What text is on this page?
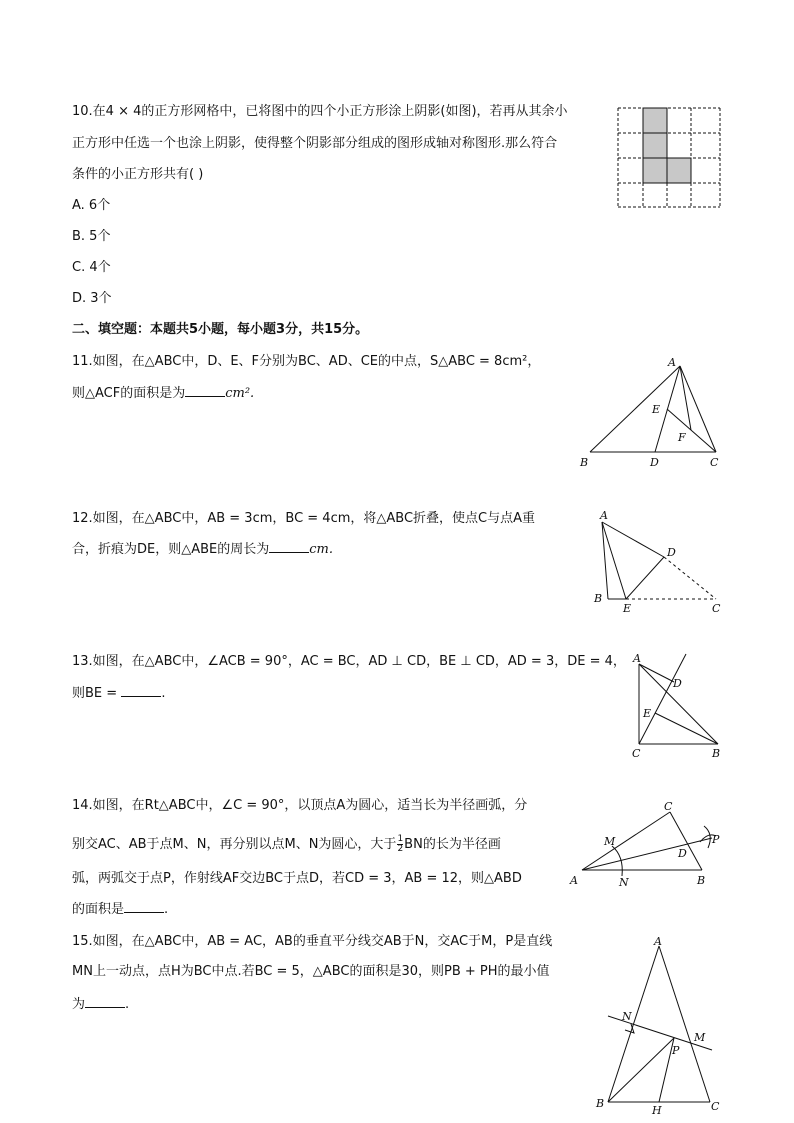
10.在4 × 4的正方形网格中，已将图中的四个小正方形涂上阴影(如图)，若再从其余小
正方形中任选一个也涂上阴影，使得整个阴影部分组成的图形成轴对称图形.那么符合
条件的小正方形共有( )
A. 6个
B. 5个
C. 4个
D. 3个
二、填空题：本题共5小题，每小题3分，共15分。
11.如图，在△ABC中，D、E、F分别为BC、AD、CE的中点，S△ABC = 8cm²，
则△ACF的面积是为	cm².
A
B	D	C
E
F
12.如图，在△ABC中，AB = 3cm，BC = 4cm，将△ABC折叠，使点C与点A重
合，折痕为DE，则△ABE的周长为	cm.
A
B
E
D
C
13.如图，在△ABC中，∠ACB = 90°，AC = BC，AD ⊥ CD，BE ⊥ CD，AD = 3，DE = 4，
则BE =	.
A
D
E
C	B
14.如图，在Rt△ABC中，∠C = 90°，以顶点A为圆心，适当长为半径画弧，分
别交AC、AB于点M、N，再分别以点M、N为圆心，大于 $\frac{1}{2}$ BN的长为半径画
弧，两弧交于点P，作射线AF交边BC于点D，若CD = 3，AB = 12，则△ABD
的面积是	.
C
M
D
P
A	N	B
15.如图，在△ABC中，AB = AC，AB的垂直平分线交AB于N，交AC于M，P是直线
MN上一动点，点H为BC中点.若BC = 5，△ABC的面积是30，则PB + PH的最小值
为	.
A
N
M
P
B
H	C
